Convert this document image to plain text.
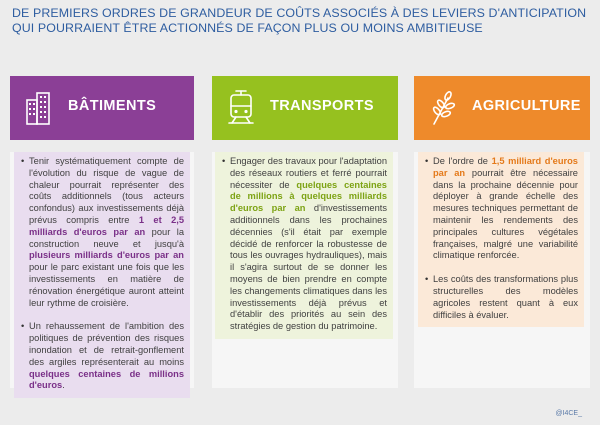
DE PREMIERS ORDRES DE GRANDEUR DE COÛTS ASSOCIÉS À DES LEVIERS D'ANTICIPATION
QUI POURRAIENT ÊTRE ACTIONNÉS DE FAÇON PLUS OU MOINS AMBITIEUSE
BÂTIMENTS
• Tenir systématiquement compte de l'évolution du risque de vague de chaleur pourrait représenter des coûts additionnels (tous acteurs confondus) aux investissements déjà prévus compris entre 1 et 2,5 milliards d'euros par an pour la construction neuve et jusqu'à plusieurs milliards d'euros par an pour le parc existant une fois que les investissements en matière de rénovation énergétique auront atteint leur rythme de croisière.
• Un rehaussement de l'ambition des politiques de prévention des risques inondation et de retrait-gonflement des argiles représenterait au moins quelques centaines de millions d'euros.
TRANSPORTS
• Engager des travaux pour l'adaptation des réseaux routiers et ferré pourrait nécessiter de quelques centaines de millions à quelques milliards d'euros par an d'investissements additionnels dans les prochaines décennies (s'il était par exemple décidé de renforcer la robustesse de tous les ouvrages hydrauliques), mais il s'agira surtout de se donner les moyens de bien prendre en compte les changements climatiques dans les investissements déjà prévus et d'établir des priorités au sein des stratégies de gestion du patrimoine.
AGRICULTURE
• De l'ordre de 1,5 milliard d'euros par an pourrait être nécessaire dans la prochaine décennie pour déployer à grande échelle des mesures techniques permettant de maintenir les rendements des principales cultures végétales françaises, malgré une variabilité climatique renforcée.
• Les coûts des transformations plus structurelles des modèles agricoles restent quant à eux difficiles à évaluer.
@I4CE_
